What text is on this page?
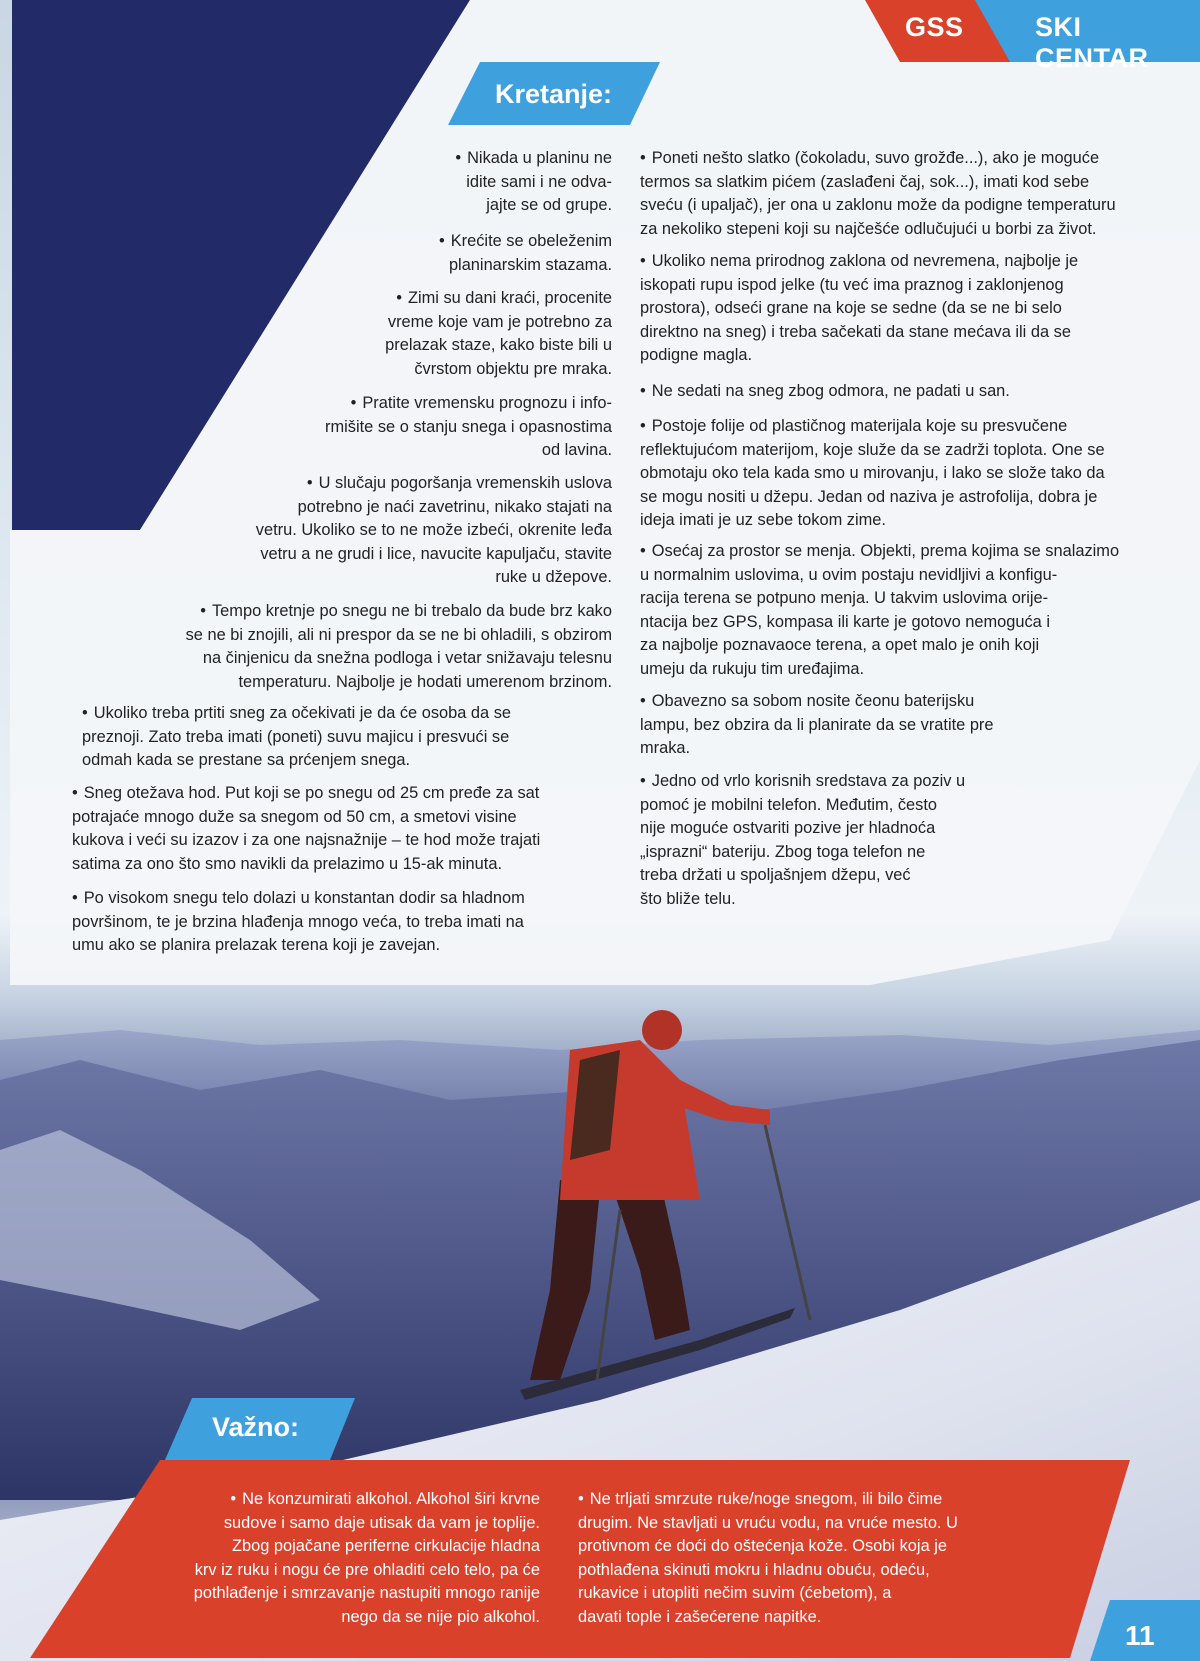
GSS	SKI CENTAR
Kretanje:
Važno:
• Nikada u planinu ne
idite sami i ne odva-
jajte se od grupe.
• Krećite se obeleženim
planinarskim stazama.
• Zimi su dani kraći, procenite
vreme koje vam je potrebno za
prelazak staze, kako biste bili u
čvrstom objektu pre mraka.
• Pratite vremensku prognozu i info-
rmišite se o stanju snega i opasnostima
od lavina.
• U slučaju pogoršanja vremenskih uslova
potrebno je naći zavetrinu, nikako stajati na
vetru. Ukoliko se to ne može izbeći, okrenite leđa
vetru a ne grudi i lice, navucite kapuljaču, stavite
ruke u džepove.
• Tempo kretnje po snegu ne bi trebalo da bude brz kako
se ne bi znojili, ali ni prespor da se ne bi ohladili, s obzirom
na činjenicu da snežna podloga i vetar snižavaju telesnu
temperaturu. Najbolje je hodati umerenom brzinom.
• Ukoliko treba prtiti sneg za očekivati je da će osoba da se
preznoji. Zato treba imati (poneti) suvu majicu i presvući se
odmah kada se prestane sa prćenjem snega.
• Sneg otežava hod. Put koji se po snegu od 25 cm pređe za sat
potrajaće mnogo duže sa snegom od 50 cm, a smetovi visine
kukova i veći su izazov i za one najsnažnije – te hod može trajati
satima za ono što smo navikli da prelazimo u 15-ak minuta.
• Po visokom snegu telo dolazi u konstantan dodir sa hladnom
površinom, te je brzina hlađenja mnogo veća, to treba imati na
umu ako se planira prelazak terena koji je zavejan.
• Poneti nešto slatko (čokoladu, suvo grožđe...), ako je moguće
termos sa slatkim pićem (zaslađeni čaj, sok...), imati kod sebe
sveću (i upaljač), jer ona u zaklonu može da podigne temperaturu
za nekoliko stepeni koji su najčešće odlučujući u borbi za život.
• Ukoliko nema prirodnog zaklona od nevremena, najbolje je
iskopati rupu ispod jelke (tu već ima praznog i zaklonjenog
prostora), odseći grane na koje se sedne (da se ne bi selo
direktno na sneg) i treba sačekati da stane mećava ili da se
podigne magla.
• Ne sedati na sneg zbog odmora, ne padati u san.
• Postoje folije od plastičnog materijala koje su presvučene
reflektujućom materijom, koje služe da se zadrži toplota. One se
obmotaju oko tela kada smo u mirovanju, i lako se slože tako da
se mogu nositi u džepu. Jedan od naziva je astrofolija, dobra je
ideja imati je uz sebe tokom zime.
• Osećaj za prostor se menja. Objekti, prema kojima se snalazimo
u normalnim uslovima, u ovim postaju nevidljivi a konfigu-
racija terena se potpuno menja. U takvim uslovima orije-
ntacija bez GPS, kompasa ili karte je gotovo nemoguća i
za najbolje poznavaoce terena, a opet malo je onih koji
umeju da rukuju tim uređajima.
• Obavezno sa sobom nosite čeonu baterijsku
lampu, bez obzira da li planirate da se vratite pre
mraka.
• Jedno od vrlo korisnih sredstava za poziv u
pomoć je mobilni telefon. Međutim, često
nije moguće ostvariti pozive jer hladnoća
„isprazni“ bateriju. Zbog toga telefon ne
treba držati u spoljašnjem džepu, već
što bliže telu.
• Ne konzumirati alkohol. Alkohol širi krvne
sudove i samo daje utisak da vam je toplije.
Zbog pojačane periferne cirkulacije hladna
krv iz ruku i nogu će pre ohladiti celo telo, pa će
pothlađenje i smrzavanje nastupiti mnogo ranije
nego da se nije pio alkohol.
• Ne trljati smrzute ruke/noge snegom, ili bilo čime
drugim. Ne stavljati u vruću vodu, na vruće mesto. U
protivnom će doći do oštećenja kože. Osobi koja je
pothlađena skinuti mokru i hladnu obuću, odeću,
rukavice i utopliti nečim suvim (ćebetom), a
davati tople i zašećerene napitke.
11
